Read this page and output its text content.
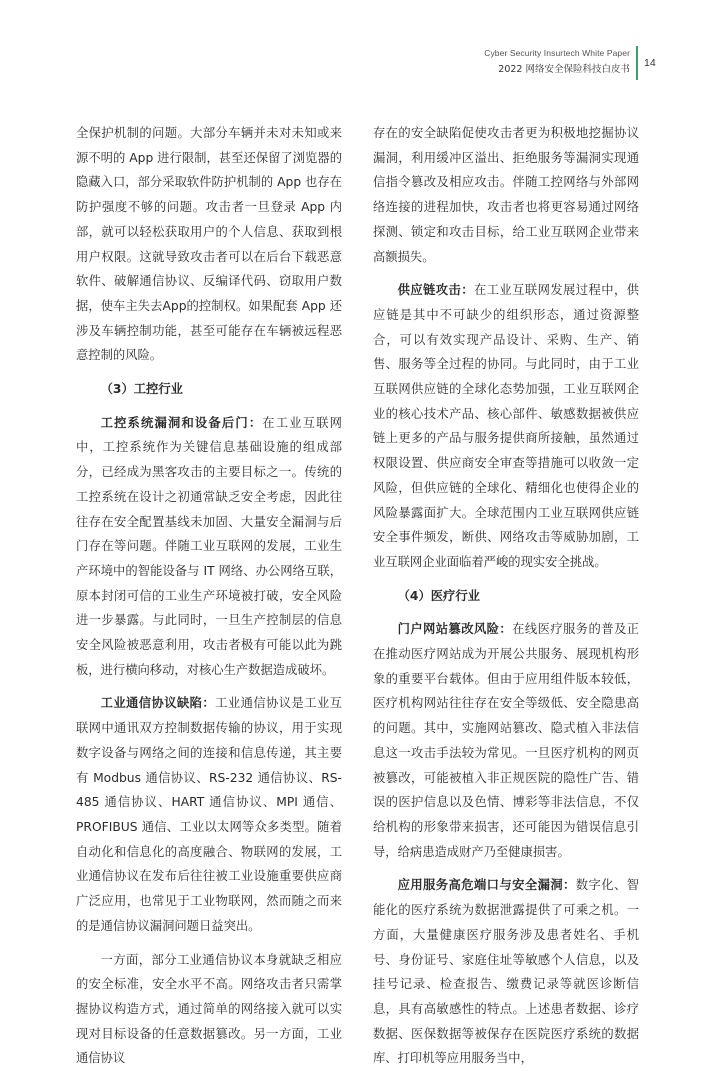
Cyber Security Insurtech White Paper
2022 网络安全保险科技白皮书
14

全保护机制的问题。大部分车辆并未对未知或来源不明的 App 进行限制，甚至还保留了浏览器的隐藏入口，部分采取软件防护机制的 App 也存在防护强度不够的问题。攻击者一旦登录 App 内部，就可以轻松获取用户的个人信息、获取到根用户权限。这就导致攻击者可以在后台下载恶意软件、破解通信协议、反编译代码、窃取用户数据，使车主失去App的控制权。如果配套 App 还涉及车辆控制功能，甚至可能存在车辆被远程恶意控制的风险。

（3）工控行业

工控系统漏洞和设备后门：在工业互联网中，工控系统作为关键信息基础设施的组成部分，已经成为黑客攻击的主要目标之一。传统的工控系统在设计之初通常缺乏安全考虑，因此往往存在安全配置基线未加固、大量安全漏洞与后门存在等问题。伴随工业互联网的发展，工业生产环境中的智能设备与 IT 网络、办公网络互联，原本封闭可信的工业生产环境被打破，安全风险进一步暴露。与此同时，一旦生产控制层的信息安全风险被恶意利用，攻击者极有可能以此为跳板，进行横向移动，对核心生产数据造成破坏。

工业通信协议缺陷：工业通信协议是工业互联网中通讯双方控制数据传输的协议，用于实现数字设备与网络之间的连接和信息传递，其主要有 Modbus 通信协议、RS-232 通信协议、RS-485 通信协议、HART 通信协议、MPI 通信、PROFIBUS 通信、工业以太网等众多类型。随着自动化和信息化的高度融合、物联网的发展，工业通信协议在发布后往往被工业设施重要供应商广泛应用，也常见于工业物联网，然而随之而来的是通信协议漏洞问题日益突出。

一方面，部分工业通信协议本身就缺乏相应的安全标准，安全水平不高。网络攻击者只需掌握协议构造方式，通过简单的网络接入就可以实现对目标设备的任意数据篡改。另一方面，工业通信协议

存在的安全缺陷促使攻击者更为积极地挖掘协议漏洞，利用缓冲区溢出、拒绝服务等漏洞实现通信指令篡改及相应攻击。伴随工控网络与外部网络连接的进程加快，攻击者也将更容易通过网络探测、锁定和攻击目标，给工业互联网企业带来高额损失。

供应链攻击：在工业互联网发展过程中，供应链是其中不可缺少的组织形态，通过资源整合，可以有效实现产品设计、采购、生产、销售、服务等全过程的协同。与此同时，由于工业互联网供应链的全球化态势加强，工业互联网企业的核心技术产品、核心部件、敏感数据被供应链上更多的产品与服务提供商所接触，虽然通过权限设置、供应商安全审查等措施可以收敛一定风险，但供应链的全球化、精细化也使得企业的风险暴露面扩大。全球范围内工业互联网供应链安全事件频发，断供、网络攻击等威胁加剧，工业互联网企业面临着严峻的现实安全挑战。

（4）医疗行业

门户网站篡改风险：在线医疗服务的普及正在推动医疗网站成为开展公共服务、展现机构形象的重要平台载体。但由于应用组件版本较低，医疗机构网站往往存在安全等级低、安全隐患高的问题。其中，实施网站篡改、隐式植入非法信息这一攻击手法较为常见。一旦医疗机构的网页被篡改，可能被植入非正规医院的隐性广告、错误的医护信息以及色情、博彩等非法信息，不仅给机构的形象带来损害，还可能因为错误信息引导，给病患造成财产乃至健康损害。

应用服务高危端口与安全漏洞：数字化、智能化的医疗系统为数据泄露提供了可乘之机。一方面，大量健康医疗服务涉及患者姓名、手机号、身份证号、家庭住址等敏感个人信息，以及挂号记录、检查报告、缴费记录等就医诊断信息，具有高敏感性的特点。上述患者数据、诊疗数据、医保数据等被保存在医院医疗系统的数据库、打印机等应用服务当中，
